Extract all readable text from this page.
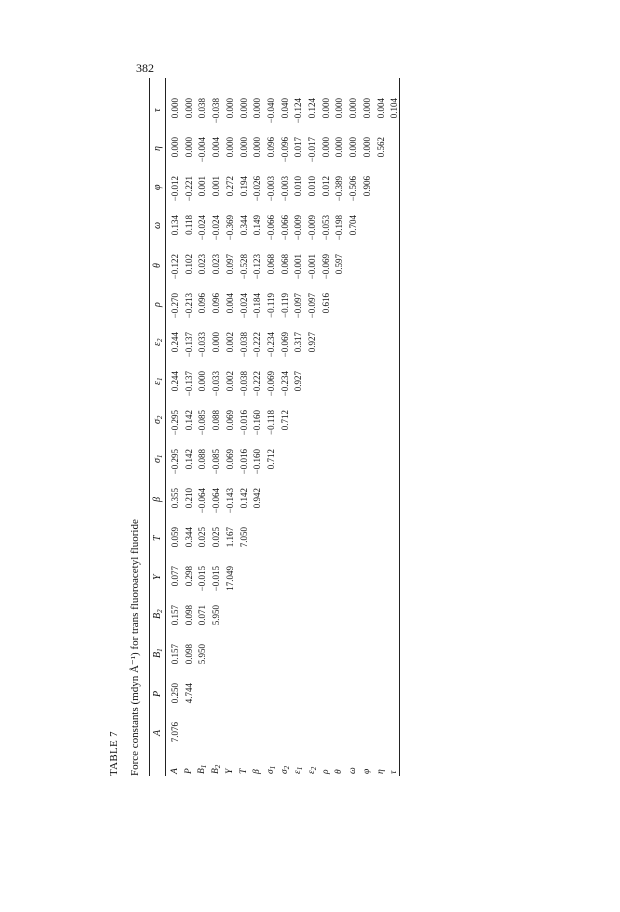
382
TABLE 7 Force constants (mdyn Å⁻¹) for trans fluoroacetyl fluoride A
P
$B_1$
$B_2$
Y
T
β
$\sigma_1$
$\sigma_2$
$\varepsilon_1$
$\varepsilon_2$
ρ
θ
ω
φ
η
τ
A
7.076
0.250
0.157
0.157
0.077
0.059
0.355
−0.295
−0.295
0.244
0.244
−0.270
−0.122
0.134
−0.012
0.000
0.000
P
4.744
0.098
0.098
0.298
0.344
0.210
0.142
0.142
−0.137
−0.137
−0.213
0.102
0.118
−0.221
0.000
0.000
$B_1$
5.950
0.071
−0.015
0.025
−0.064
0.088
−0.085
0.000
−0.033
0.096
0.023
−0.024
0.001
−0.004
0.038
$B_2$
5.950
−0.015
0.025
−0.064
−0.085
0.088
−0.033
0.000
0.096
0.023
−0.024
0.001
0.004
−0.038
Y
17.049
1.167
−0.143
0.069
0.069
0.002
0.002
0.004
0.097
−0.369
0.272
0.000
0.000
T
7.050
0.142
−0.016
−0.016
−0.038
−0.038
−0.024
−0.528
0.344
0.194
0.000
0.000
β
0.942
−0.160
−0.160
−0.222
−0.222
−0.184
−0.123
0.149
−0.026
0.000
0.000
$\sigma_1$
0.712
−0.118
−0.069
−0.234
−0.119
0.068
−0.066
−0.003
0.096
−0.040
$\sigma_2$
0.712
−0.234
−0.069
−0.119
0.068
−0.066
−0.003
−0.096
0.040
$\varepsilon_1$
0.927
0.317
−0.097
−0.001
−0.009
0.010
0.017
−0.124
$\varepsilon_2$
0.927
−0.097
−0.001
−0.009
0.010
−0.017
0.124
ρ
0.616
−0.069
−0.053
0.012
0.000
0.000
θ
0.597
−0.198
−0.389
0.000
0.000
ω
0.704
−0.506
0.000
0.000
φ
0.906
0.000
0.000
η
0.562
0.004
τ
0.104
